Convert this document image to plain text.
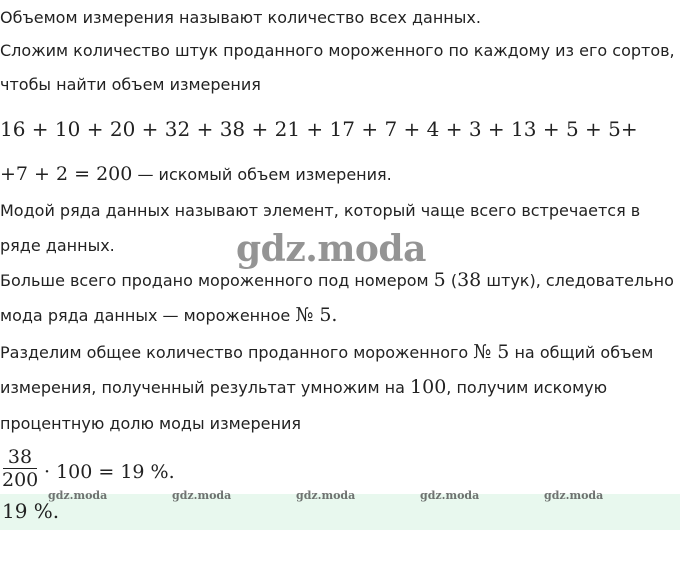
Объемом измерения называют количество всех данных.
Сложим количество штук проданного мороженного по каждому из его сортов,
чтобы найти объем измерения
16 + 10 + 20 + 32 + 38 + 21 + 17 + 7 + 4 + 3 + 13 + 5 + 5+
+7 + 2 = 200 — искомый объем измерения.
Модой ряда данных называют элемент, который чаще всего встречается в
ряде данных.
Больше всего продано мороженного под номером 5 (38 штук), следовательно
мода ряда данных — мороженное № 5.
Разделим общее количество проданного мороженного № 5 на общий объем
измерения, полученный результат умножим на 100, получим искомую
процентную долю моды измерения
38
200 · 100 = 19 %.
gdz.moda
19 %.
gdz.moda	gdz.moda	gdz.moda	gdz.moda	gdz.moda
